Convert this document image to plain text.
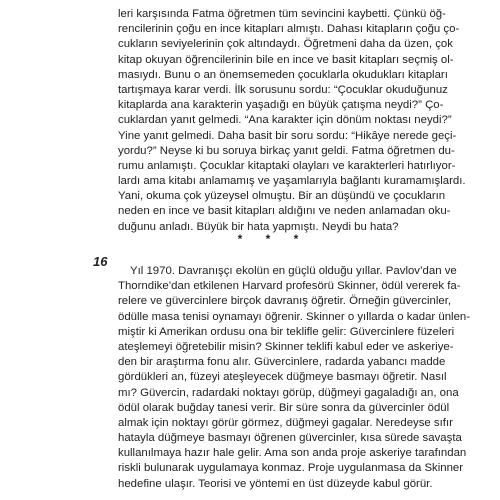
leri karşısında Fatma öğretmen tüm sevincini kaybetti. Çünkü öğ-
rencilerinin çoğu en ince kitapları almıştı. Dahası kitapların çoğu ço-
cukların seviyelerinin çok altındaydı. Öğretmeni daha da üzen, çok
kitap okuyan öğrencilerinin bile en ince ve basit kitapları seçmiş ol-
masıydı. Bunu o an önemsemeden çocuklarla okudukları kitapları
tartışmaya karar verdi. İlk sorusunu sordu: “Çocuklar okuduğunuz
kitaplarda ana karakterin yaşadığı en büyük çatışma neydi?” Ço-
cuklardan yanıt gelmedi. “Ana karakter için dönüm noktası neydi?”
Yine yanıt gelmedi. Daha basit bir soru sordu: “Hikâye nerede geçi-
yordu?” Neyse ki bu soruya birkaç yanıt geldi. Fatma öğretmen du-
rumu anlamıştı. Çocuklar kitaptaki olayları ve karakterleri hatırlıyor-
lardı ama kitabı anlamamış ve yaşamlarıyla bağlantı kuramamışlardı.
Yani, okuma çok yüzeysel olmuştu. Bir an düşündü ve çocukların
neden en ince ve basit kitapları aldığını ve neden anlamadan oku-
duğunu anladı. Büyük bir hata yapmıştı. Neydi bu hata?
* * *
16
Yıl 1970. Davranışçı ekolün en güçlü olduğu yıllar. Pavlov’dan ve
Thorndike’dan etkilenen Harvard profesörü Skinner, ödül vererek fa-
relere ve güvercinlere birçok davranış öğretir. Örneğin güvercinler,
ödülle masa tenisi oynamayı öğrenir. Skinner o yıllarda o kadar ünlen-
miştir ki Amerikan ordusu ona bir teklifle gelir: Güvercinlere füzeleri
ateşlemeyi öğretebilir misin? Skinner teklifi kabul eder ve askeriye-
den bir araştırma fonu alır. Güvercinlere, radarda yabancı madde
gördükleri an, füzeyi ateşleyecek düğmeye basmayı öğretir. Nasıl
mı? Güvercin, radardaki noktayı görüp, düğmeyi gagaladığı an, ona
ödül olarak buğday tanesi verir. Bir süre sonra da güvercinler ödül
almak için noktayı görür görmez, düğmeyi gagalar. Neredeyse sıfır
hatayla düğmeye basmayı öğrenen güvercinler, kısa sürede savaşta
kullanılmaya hazır hale gelir. Ama son anda proje askeriye tarafından
riskli bulunarak uygulamaya konmaz. Proje uygulanmasa da Skinner
hedefine ulaşır. Teorisi ve yöntemi en üst düzeyde kabul görür.
